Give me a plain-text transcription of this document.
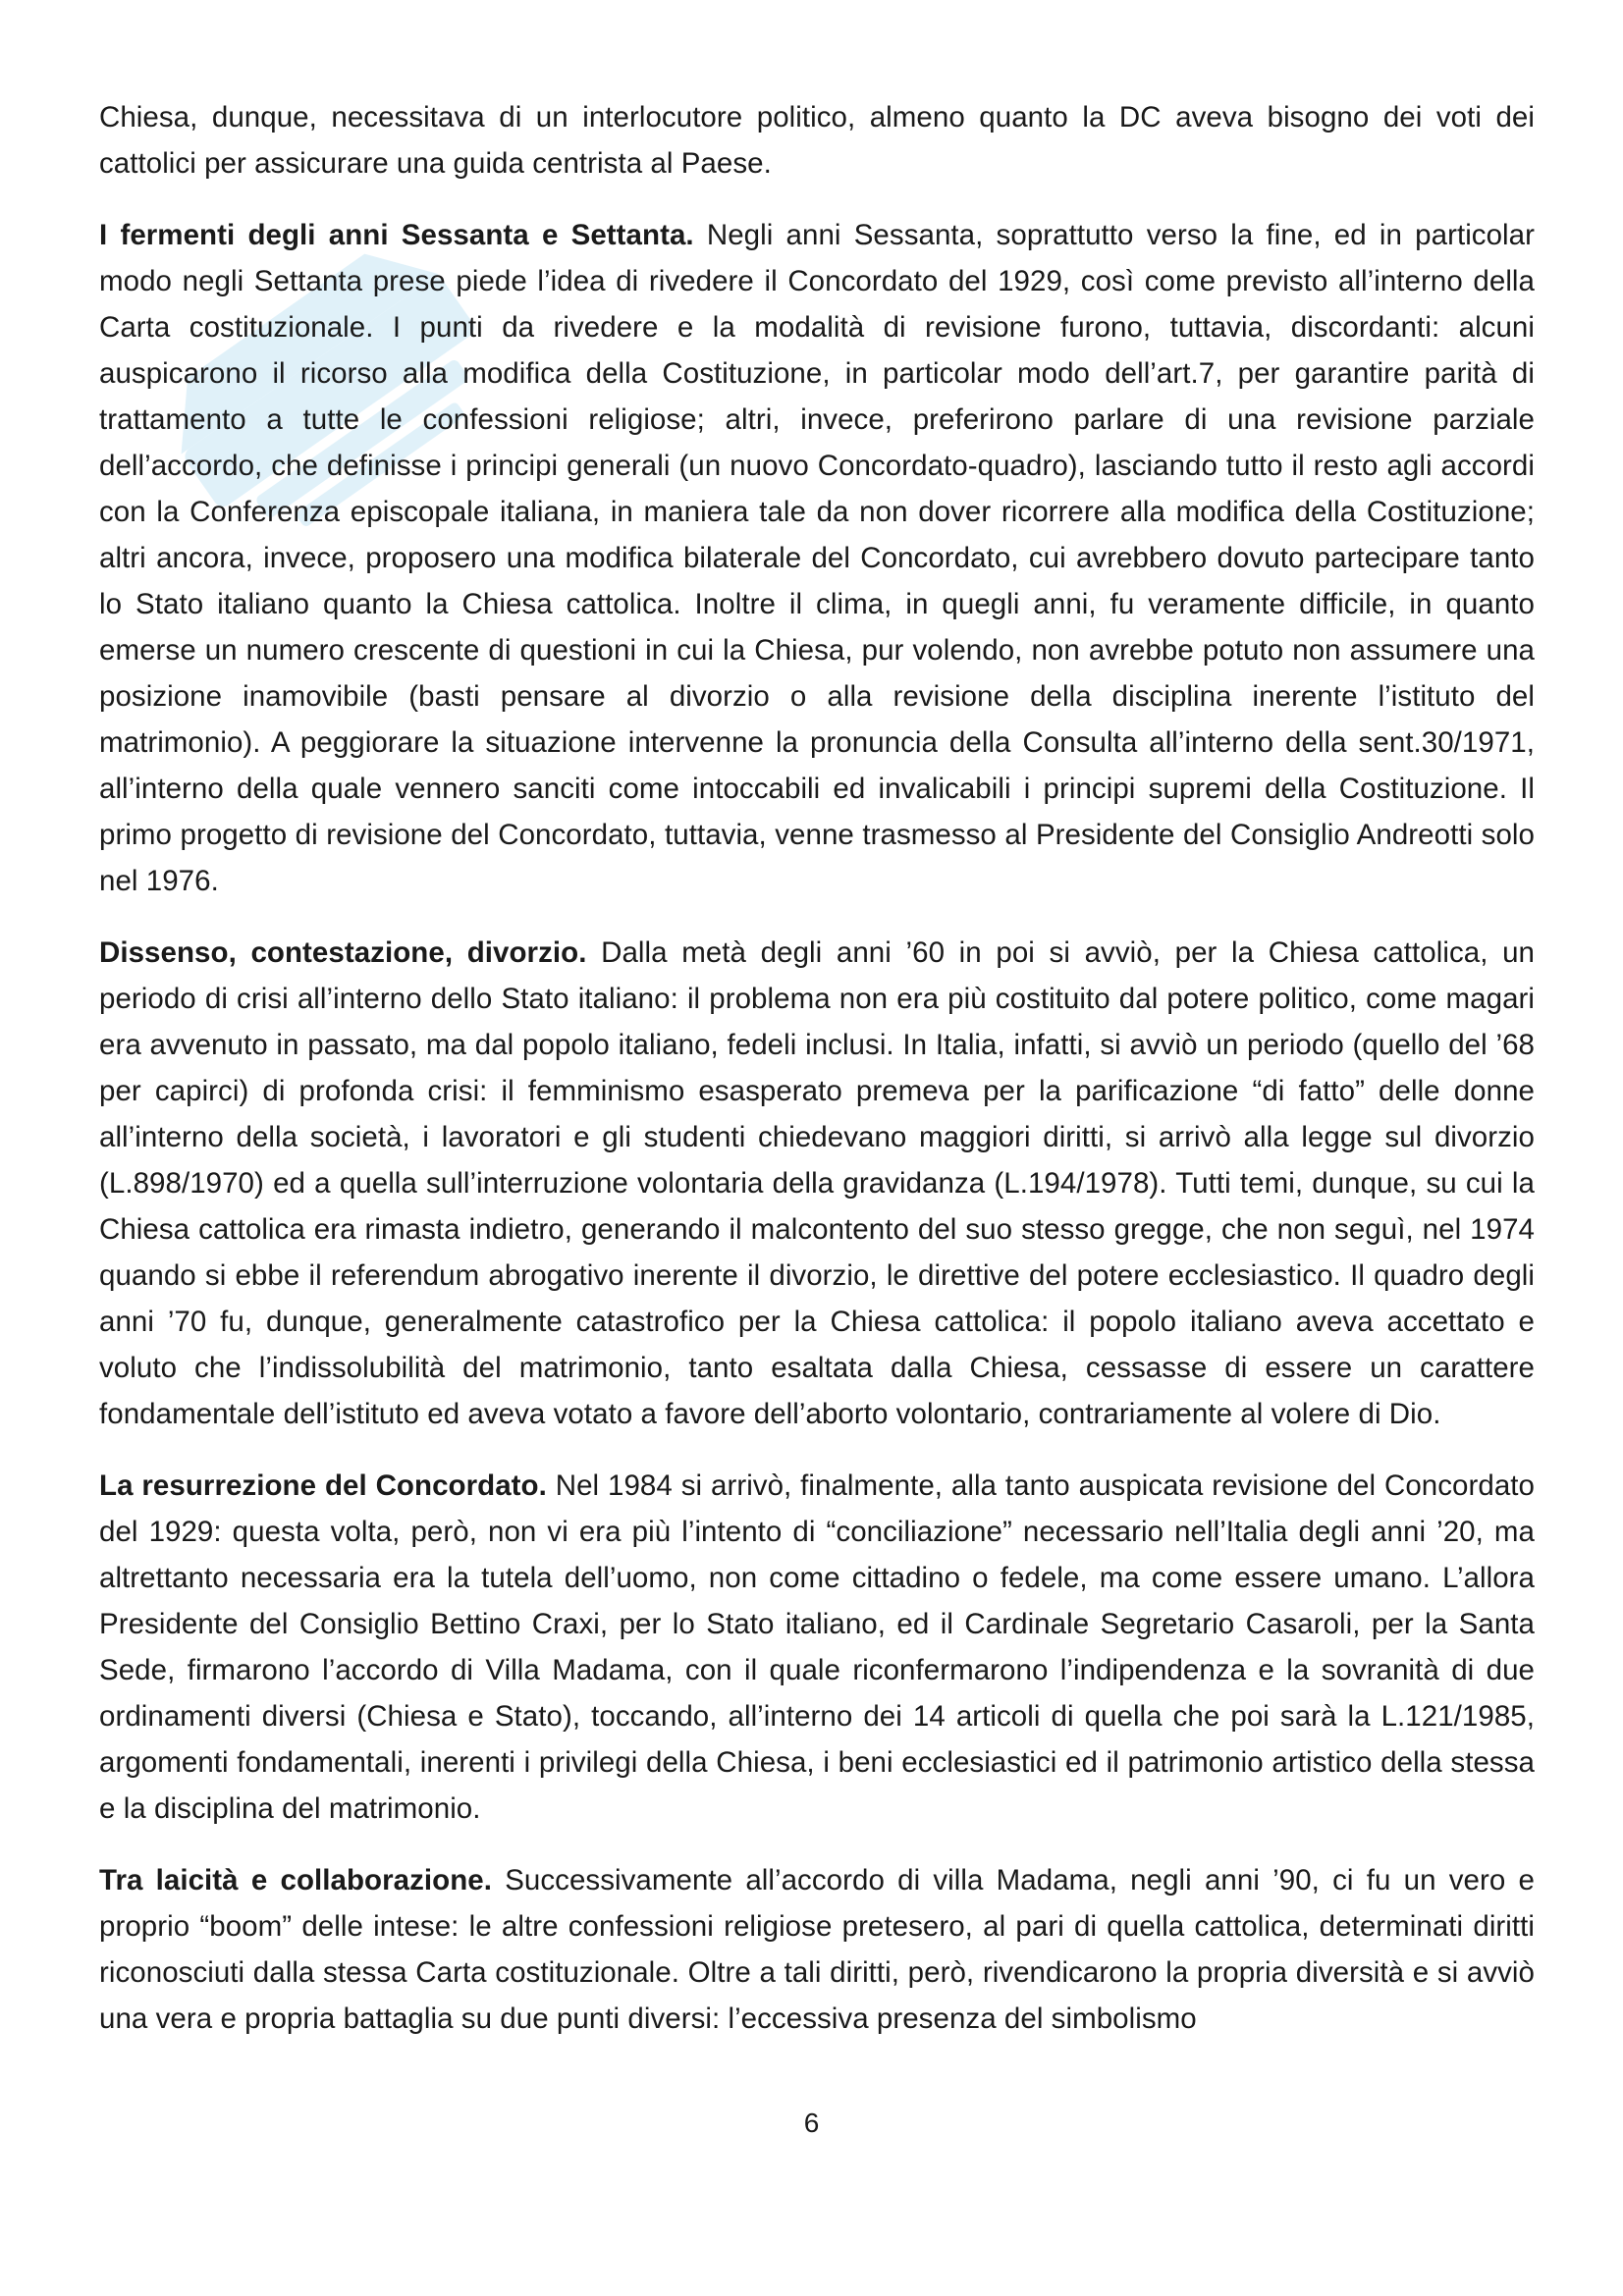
Chiesa, dunque, necessitava di un interlocutore politico, almeno quanto la DC aveva bisogno dei voti dei cattolici per assicurare una guida centrista al Paese.

I fermenti degli anni Sessanta e Settanta. Negli anni Sessanta, soprattutto verso la fine, ed in particolar modo negli Settanta prese piede l’idea di rivedere il Concordato del 1929, così come previsto all’interno della Carta costituzionale. I punti da rivedere e la modalità di revisione furono, tuttavia, discordanti: alcuni auspicarono il ricorso alla modifica della Costituzione, in particolar modo dell’art.7, per garantire parità di trattamento a tutte le confessioni religiose; altri, invece, preferirono parlare di una revisione parziale dell’accordo, che definisse i principi generali (un nuovo Concordato-quadro), lasciando tutto il resto agli accordi con la Conferenza episcopale italiana, in maniera tale da non dover ricorrere alla modifica della Costituzione; altri ancora, invece, proposero una modifica bilaterale del Concordato, cui avrebbero dovuto partecipare tanto lo Stato italiano quanto la Chiesa cattolica. Inoltre il clima, in quegli anni, fu veramente difficile, in quanto emerse un numero crescente di questioni in cui la Chiesa, pur volendo, non avrebbe potuto non assumere una posizione inamovibile (basti pensare al divorzio o alla revisione della disciplina inerente l’istituto del matrimonio). A peggiorare la situazione intervenne la pronuncia della Consulta all’interno della sent.30/1971, all’interno della quale vennero sanciti come intoccabili ed invalicabili i principi supremi della Costituzione. Il primo progetto di revisione del Concordato, tuttavia, venne trasmesso al Presidente del Consiglio Andreotti solo nel 1976.

Dissenso, contestazione, divorzio. Dalla metà degli anni ’60 in poi si avviò, per la Chiesa cattolica, un periodo di crisi all’interno dello Stato italiano: il problema non era più costituito dal potere politico, come magari era avvenuto in passato, ma dal popolo italiano, fedeli inclusi. In Italia, infatti, si avviò un periodo (quello del ’68 per capirci) di profonda crisi: il femminismo esasperato premeva per la parificazione “di fatto” delle donne all’interno della società, i lavoratori e gli studenti chiedevano maggiori diritti, si arrivò alla legge sul divorzio (L.898/1970) ed a quella sull’interruzione volontaria della gravidanza (L.194/1978). Tutti temi, dunque, su cui la Chiesa cattolica era rimasta indietro, generando il malcontento del suo stesso gregge, che non seguì, nel 1974 quando si ebbe il referendum abrogativo inerente il divorzio, le direttive del potere ecclesiastico. Il quadro degli anni ’70 fu, dunque, generalmente catastrofico per la Chiesa cattolica: il popolo italiano aveva accettato e voluto che l’indissolubilità del matrimonio, tanto esaltata dalla Chiesa, cessasse di essere un carattere fondamentale dell’istituto ed aveva votato a favore dell’aborto volontario, contrariamente al volere di Dio.

La resurrezione del Concordato. Nel 1984 si arrivò, finalmente, alla tanto auspicata revisione del Concordato del 1929: questa volta, però, non vi era più l’intento di “conciliazione” necessario nell’Italia degli anni ’20, ma altrettanto necessaria era la tutela dell’uomo, non come cittadino o fedele, ma come essere umano. L’allora Presidente del Consiglio Bettino Craxi, per lo Stato italiano, ed il Cardinale Segretario Casaroli, per la Santa Sede, firmarono l’accordo di Villa Madama, con il quale riconfermarono l’indipendenza e la sovranità di due ordinamenti diversi (Chiesa e Stato), toccando, all’interno dei 14 articoli di quella che poi sarà la L.121/1985, argomenti fondamentali, inerenti i privilegi della Chiesa, i beni ecclesiastici ed il patrimonio artistico della stessa e la disciplina del matrimonio.

Tra laicità e collaborazione. Successivamente all’accordo di villa Madama, negli anni ’90, ci fu un vero e proprio “boom” delle intese: le altre confessioni religiose pretesero, al pari di quella cattolica, determinati diritti riconosciuti dalla stessa Carta costituzionale. Oltre a tali diritti, però, rivendicarono la propria diversità e si avviò una vera e propria battaglia su due punti diversi: l’eccessiva presenza del simbolismo

6
